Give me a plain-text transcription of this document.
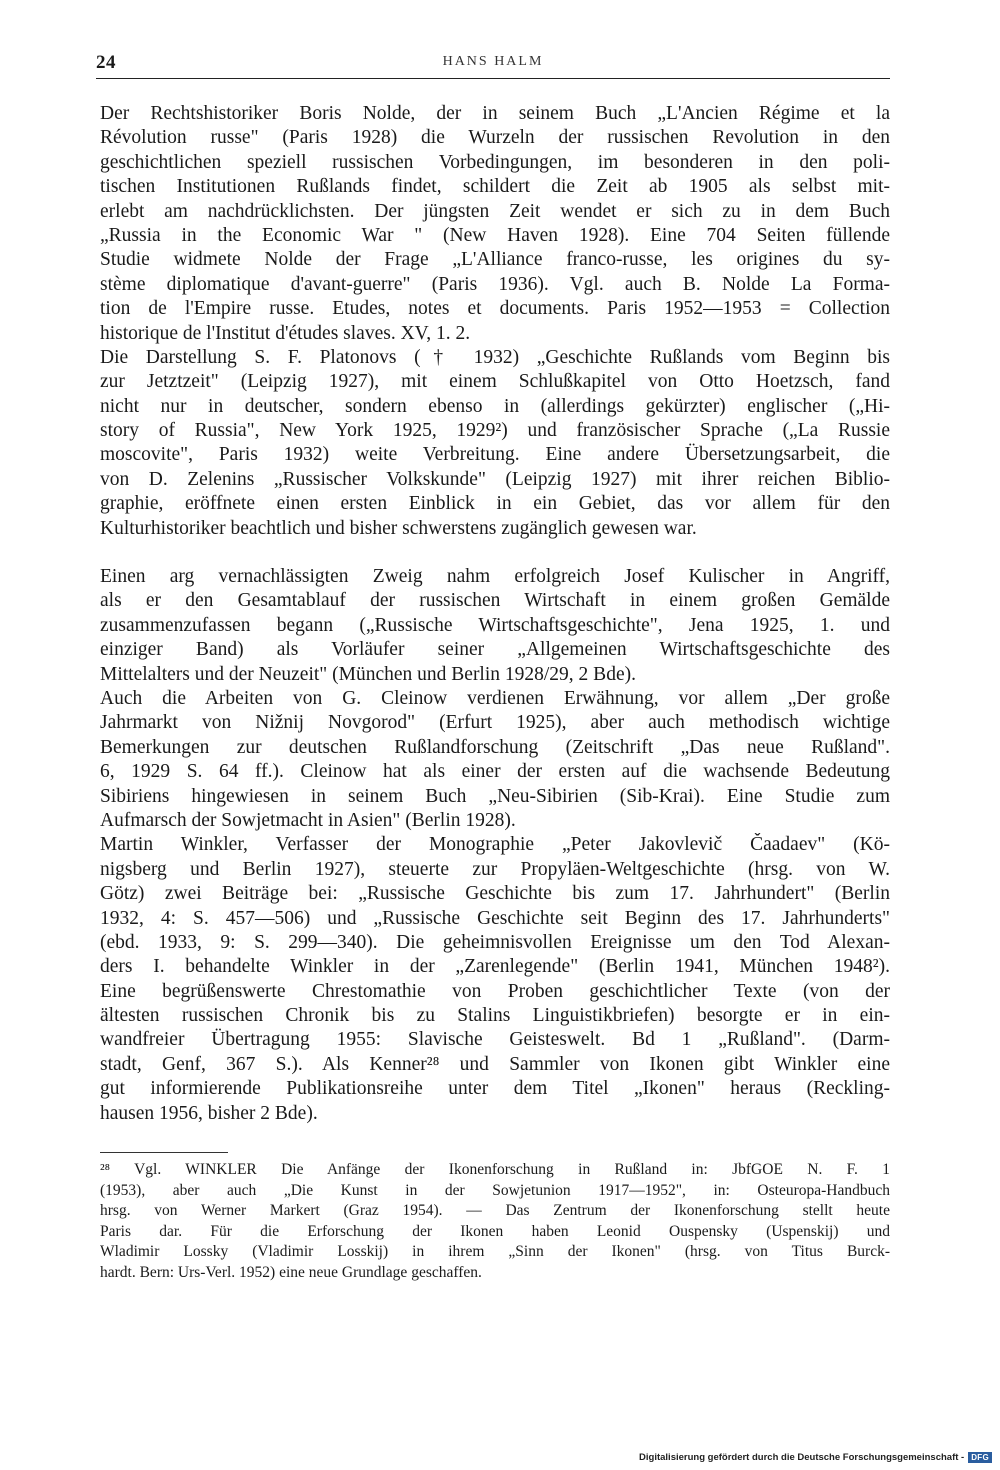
24	HANS HALM
Der Rechtshistoriker Boris Nolde, der in seinem Buch „L'Ancien Régime et la
Révolution russe" (Paris 1928) die Wurzeln der russischen Revolution in den
geschichtlichen speziell russischen Vorbedingungen, im besonderen in den poli-
tischen Institutionen Rußlands findet, schildert die Zeit ab 1905 als selbst mit-
erlebt am nachdrücklichsten. Der jüngsten Zeit wendet er sich zu in dem Buch
„Russia in the Economic War " (New Haven 1928). Eine 704 Seiten füllende
Studie widmete Nolde der Frage „L'Alliance franco-russe, les origines du sy-
stème diplomatique d'avant-guerre" (Paris 1936). Vgl. auch B. Nolde La Forma-
tion de l'Empire russe. Etudes, notes et documents. Paris 1952—1953 = Collection
historique de l'Institut d'études slaves. XV, 1. 2.
Die Darstellung S. F. Platonovs († 1932) „Geschichte Rußlands vom Beginn bis
zur Jetztzeit" (Leipzig 1927), mit einem Schlußkapitel von Otto Hoetzsch, fand
nicht nur in deutscher, sondern ebenso in (allerdings gekürzter) englischer („Hi-
story of Russia", New York 1925, 1929²) und französischer Sprache („La Russie
moscovite", Paris 1932) weite Verbreitung. Eine andere Übersetzungsarbeit, die
von D. Zelenins „Russischer Volkskunde" (Leipzig 1927) mit ihrer reichen Biblio-
graphie, eröffnete einen ersten Einblick in ein Gebiet, das vor allem für den
Kulturhistoriker beachtlich und bisher schwerstens zugänglich gewesen war.
Einen arg vernachlässigten Zweig nahm erfolgreich Josef Kulischer in Angriff,
als er den Gesamtablauf der russischen Wirtschaft in einem großen Gemälde
zusammenzufassen begann („Russische Wirtschaftsgeschichte", Jena 1925, 1. und
einziger Band) als Vorläufer seiner „Allgemeinen Wirtschaftsgeschichte des
Mittelalters und der Neuzeit" (München und Berlin 1928/29, 2 Bde).
Auch die Arbeiten von G. Cleinow verdienen Erwähnung, vor allem „Der große
Jahrmarkt von Nižnij Novgorod" (Erfurt 1925), aber auch methodisch wichtige
Bemerkungen zur deutschen Rußlandforschung (Zeitschrift „Das neue Rußland".
6, 1929 S. 64 ff.). Cleinow hat als einer der ersten auf die wachsende Bedeutung
Sibiriens hingewiesen in seinem Buch „Neu-Sibirien (Sib-Krai). Eine Studie zum
Aufmarsch der Sowjetmacht in Asien" (Berlin 1928).
Martin Winkler, Verfasser der Monographie „Peter Jakovlevič Čaadaev" (Kö-
nigsberg und Berlin 1927), steuerte zur Propyläen-Weltgeschichte (hrsg. von W.
Götz) zwei Beiträge bei: „Russische Geschichte bis zum 17. Jahrhundert" (Berlin
1932, 4: S. 457—506) und „Russische Geschichte seit Beginn des 17. Jahrhunderts"
(ebd. 1933, 9: S. 299—340). Die geheimnisvollen Ereignisse um den Tod Alexan-
ders I. behandelte Winkler in der „Zarenlegende" (Berlin 1941, München 1948²).
Eine begrüßenswerte Chrestomathie von Proben geschichtlicher Texte (von der
ältesten russischen Chronik bis zu Stalins Linguistikbriefen) besorgte er in ein-
wandfreier Übertragung 1955: Slavische Geisteswelt. Bd 1 „Rußland". (Darm-
stadt, Genf, 367 S.). Als Kenner²⁸ und Sammler von Ikonen gibt Winkler eine
gut informierende Publikationsreihe unter dem Titel „Ikonen" heraus (Reckling-
hausen 1956, bisher 2 Bde).
²⁸ Vgl. WINKLER Die Anfänge der Ikonenforschung in Rußland in: JbfGOE N. F. 1
(1953), aber auch „Die Kunst in der Sowjetunion 1917—1952", in: Osteuropa-Handbuch
hrsg. von Werner Markert (Graz 1954). — Das Zentrum der Ikonenforschung stellt heute
Paris dar. Für die Erforschung der Ikonen haben Leonid Ouspensky (Uspenskij) und
Wladimir Lossky (Vladimir Losskij) in ihrem „Sinn der Ikonen" (hrsg. von Titus Burck-
hardt. Bern: Urs-Verl. 1952) eine neue Grundlage geschaffen.
Digitalisierung gefördert durch die Deutsche Forschungsgemeinschaft - DFG
